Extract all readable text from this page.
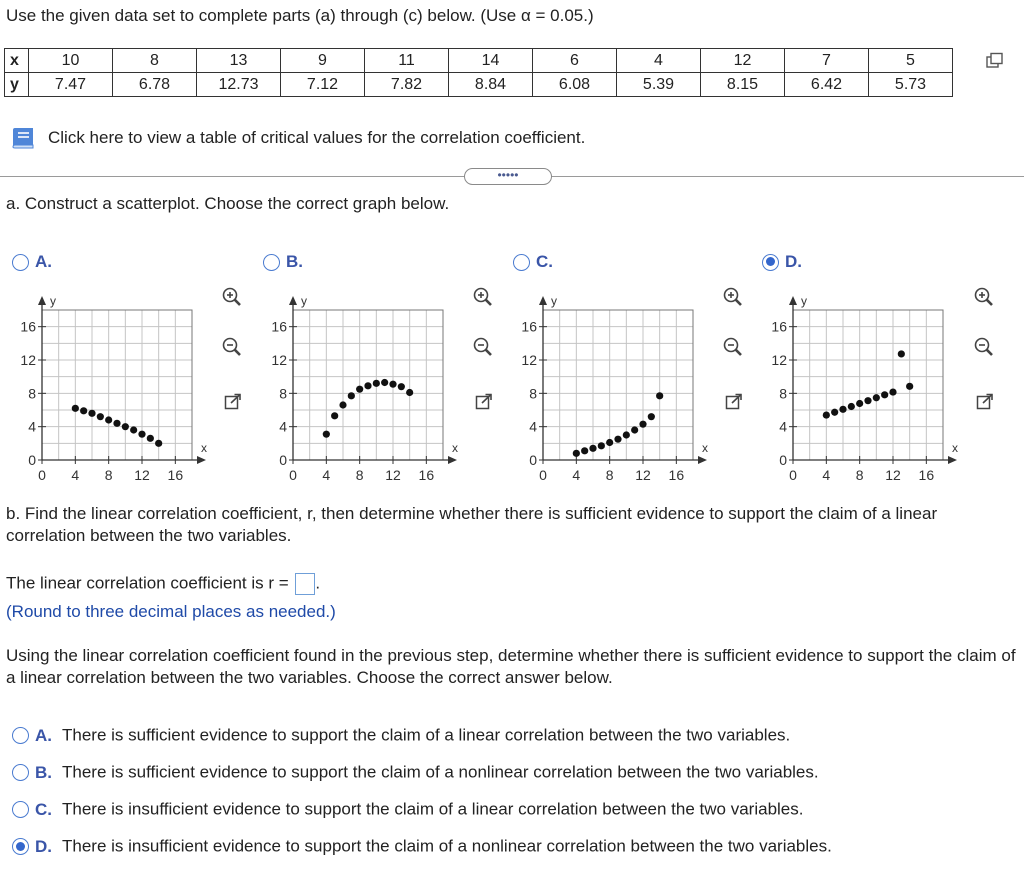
Use the given data set to complete parts (a) through (c) below. (Use α = 0.05.)
x	10	8	13	9	11	14	6	4	12	7	5
y	7.47	6.78	12.73	7.12	7.82	8.84	6.08	5.39	8.15	6.42	5.73
Click here to view a table of critical values for the correlation coefficient.
•••••
a. Construct a scatterplot. Choose the correct graph below.
A.
0 4 8 12 16
0
4
8
12
16
x
y
B.
0 4 8 12 16
0
4
8
12
16
x
y
C.
0 4 8 12 16
0
4
8
12
16
x
y
D.
0 4 8 12 16
0
4
8
12
16
x
y
b. Find the linear correlation coefficient, r, then determine whether there is sufficient evidence to support the claim of a linear correlation between the two variables.
The linear correlation coefficient is r = .
(Round to three decimal places as needed.)
Using the linear correlation coefficient found in the previous step, determine whether there is sufficient evidence to support the claim of a linear correlation between the two variables. Choose the correct answer below.
A. There is sufficient evidence to support the claim of a linear correlation between the two variables.
B. There is sufficient evidence to support the claim of a nonlinear correlation between the two variables.
C. There is insufficient evidence to support the claim of a linear correlation between the two variables.
D. There is insufficient evidence to support the claim of a nonlinear correlation between the two variables.
